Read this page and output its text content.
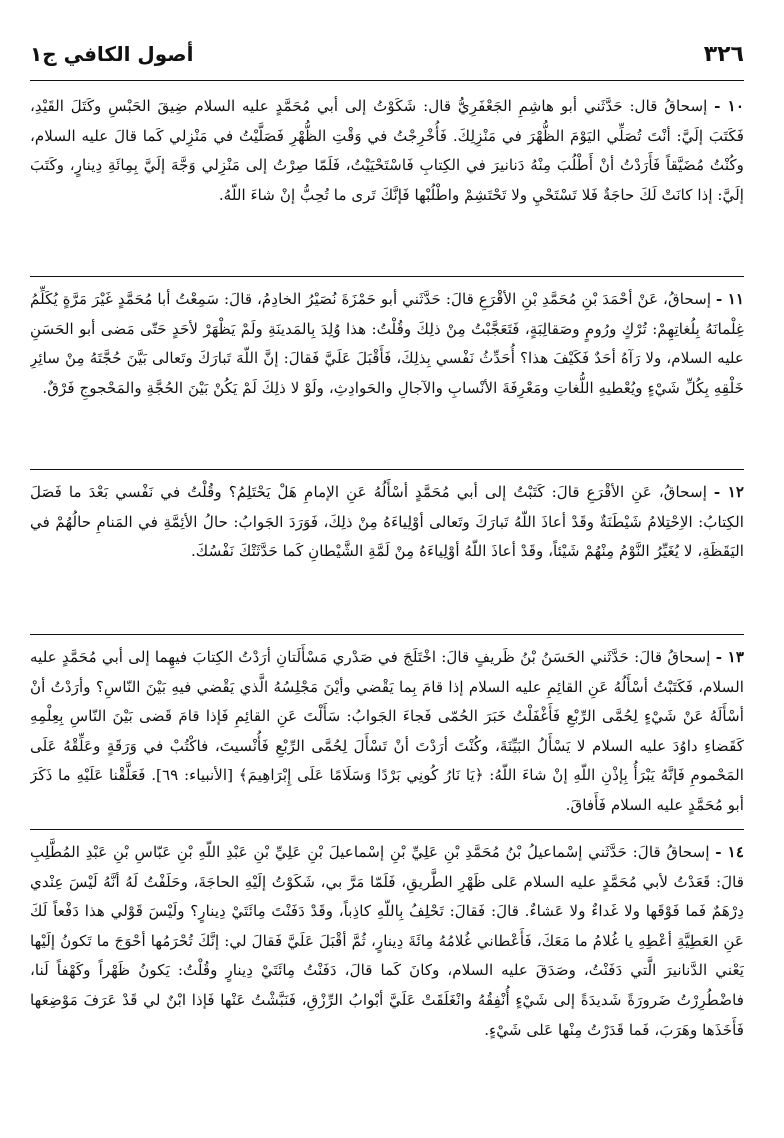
٣٢٦
أصول الكافي ج١

١٠ - إسحاقُ قال: حَدَّثَني أبو هاشِمِ الجَعْفَرِيُّ قال: شَكَوْتُ إلى أبي مُحَمَّدٍ عليه السلام ضِيقَ الحَبْسِ وكَتَلَ القَيْدِ، فَكَتَبَ إلَيَّ: أنْتَ تُصَلِّي اليَوْمَ الظُّهْرَ في مَنْزِلِكَ. فَأُخْرِجْتُ في وَقْتِ الظُّهْرِ فَصَلَّيْتُ في مَنْزِلي كَما قالَ عليه السلام، وكُنْتُ مُضَيَّقاً فَأَرَدْتُ أنْ أَطْلُبَ مِنْهُ دَنانيرَ في الكِتابِ فَاسْتَحْيَيْتُ، فَلَمّا صِرْتُ إلى مَنْزِلي وَجَّهَ إلَيَّ بِمِائَةِ دِينارٍ، وكَتَبَ إلَيَّ: إذا كانَتْ لَكَ حاجَةٌ فَلا تَسْتَحْيِ ولا تَحْتَشِمْ واطْلُبْها فَإنَّكَ تَرى ما تُحِبُّ إنْ شاءَ اللّهُ.

١١ - إسحاقُ، عَنْ أحْمَدَ بْنِ مُحَمَّدِ بْنِ الأقْرَعِ قالَ: حَدَّثَني أبو حَمْزَةَ نُصَيْرُ الخادِمُ، قالَ: سَمِعْتُ أبا مُحَمَّدٍ غَيْرَ مَرَّةٍ يُكَلِّمُ غِلْمانَهُ بِلُغاتِهِمْ: تُرْكٍ ورُومٍ وصَقالِبَةٍ، فَتَعَجَّبْتُ مِنْ ذلِكَ وقُلْتُ: هذا وُلِدَ بِالمَدينَةِ ولَمْ يَظْهَرْ لأحَدٍ حَتّى مَضى أبو الحَسَنِ عليه السلام، ولا رَآهُ أحَدٌ فَكَيْفَ هذا؟ أُحَدِّثُ نَفْسي بِذلِكَ، فَأَقْبَلَ عَلَيَّ فَقالَ: إنَّ اللّهَ تَبارَكَ وتَعالى بَيَّنَ حُجَّتَهُ مِنْ سائِرِ خَلْقِهِ بِكُلِّ شَيْءٍ ويُعْطيهِ اللُّغاتِ ومَعْرِفَةَ الأنْسابِ والآجالِ والحَوادِثِ، ولَوْ لا ذلِكَ لَمْ يَكُنْ بَيْنَ الحُجَّةِ والمَحْجوجِ فَرْقٌ.

١٢ - إسحاقُ، عَنِ الأقْرَعِ قالَ: كَتَبْتُ إلى أبي مُحَمَّدٍ أسْأَلُهُ عَنِ الإمامِ هَلْ يَحْتَلِمُ؟ وقُلْتُ في نَفْسي بَعْدَ ما فَصَلَ الكِتابُ: الاِحْتِلامُ شَيْطَنَةٌ وقَدْ أعاذَ اللّهُ تَبارَكَ وتَعالى أوْلِياءَهُ مِنْ ذلِكَ، فَوَرَدَ الجَوابُ: حالُ الأئِمَّةِ في المَنامِ حالُهُمْ في اليَقَظَةِ، لا يُغَيِّرُ النَّوْمُ مِنْهُمْ شَيْئاً، وقَدْ أعاذَ اللّهُ أوْلِياءَهُ مِنْ لَمَّةِ الشَّيْطانِ كَما حَدَّثَتْكَ نَفْسُكَ.

١٣ - إسحاقُ قالَ: حَدَّثَني الحَسَنُ بْنُ ظَريفٍ قالَ: اخْتَلَجَ في صَدْري مَسْأَلَتانِ أرَدْتُ الكِتابَ فيهِما إلى أبي مُحَمَّدٍ عليه السلام، فَكَتَبْتُ أسْأَلُهُ عَنِ القائِمِ عليه السلام إذا قامَ بِما يَقْضي وأيْنَ مَجْلِسُهُ الَّذي يَقْضي فيهِ بَيْنَ النّاسِ؟ وأرَدْتُ أنْ أسْأَلَهُ عَنْ شَيْءٍ لِحُمَّى الرِّبْعِ فَأَغْفَلْتُ خَبَرَ الحُمّى فَجاءَ الجَوابُ: سَأَلْتَ عَنِ القائِمِ فَإذا قامَ قَضى بَيْنَ النّاسِ بِعِلْمِهِ كَقَضاءِ داوُدَ عليه السلام لا يَسْأَلُ البَيِّنَةَ، وكُنْتَ أرَدْتَ أنْ تَسْأَلَ لِحُمَّى الرِّبْعِ فَأُنْسيتَ، فاكْتُبْ في وَرَقَةٍ وعَلِّقْهُ عَلَى المَحْمومِ فَإنَّهُ يَبْرَأُ بِإذْنِ اللّهِ إنْ شاءَ اللّهُ: ﴿يَا نَارُ كُونِي بَرْدًا وَسَلَامًا عَلَى إِبْرَاهِيمَ﴾ [الأنبياء: ٦٩]. فَعَلَّقْنا عَلَيْهِ ما ذَكَرَ أبو مُحَمَّدٍ عليه السلام فَأَفاقَ.

١٤ - إسحاقُ قالَ: حَدَّثَني إسْماعيلُ بْنُ مُحَمَّدِ بْنِ عَلِيِّ بْنِ إسْماعيلَ بْنِ عَلِيِّ بْنِ عَبْدِ اللّهِ بْنِ عَبّاسِ بْنِ عَبْدِ المُطَّلِبِ قالَ: قَعَدْتُ لأبي مُحَمَّدٍ عليه السلام عَلى ظَهْرِ الطَّريقِ، فَلَمّا مَرَّ بي، شَكَوْتُ إلَيْهِ الحاجَةَ، وحَلَفْتُ لَهُ أنَّهُ لَيْسَ عِنْدي دِرْهَمٌ فَما فَوْقَها ولا غَداءٌ ولا عَشاءٌ. قالَ: فَقالَ: تَحْلِفُ بِاللّهِ كاذِباً، وقَدْ دَفَنْتَ مِائَتَيْ دِينارٍ؟ ولَيْسَ قَوْلي هذا دَفْعاً لَكَ عَنِ العَطِيَّةِ أعْطِهِ يا غُلامُ ما مَعَكَ، فَأَعْطاني غُلامُهُ مِائَةَ دِينارٍ، ثُمَّ أقْبَلَ عَلَيَّ فَقالَ لي: إنَّكَ تُحْرَمُها أحْوَجَ ما تَكونُ إلَيْها يَعْني الدَّنانيرَ الَّتي دَفَنْتُ، وصَدَقَ عليه السلام، وكانَ كَما قالَ، دَفَنْتُ مِائَتَيْ دِينارٍ وقُلْتُ: يَكونُ ظَهْراً وكَهْفاً لَنا، فاضْطُرِرْتُ ضَرورَةً شَديدَةً إلى شَيْءٍ أُنْفِقُهُ وانْغَلَقَتْ عَلَيَّ أبْوابُ الرِّزْقِ، فَنَبَّشْتُ عَنْها فَإذا ابْنٌ لي قَدْ عَرَفَ مَوْضِعَها فَأَخَذَها وهَرَبَ، فَما قَدَرْتُ مِنْها عَلى شَيْءٍ.
